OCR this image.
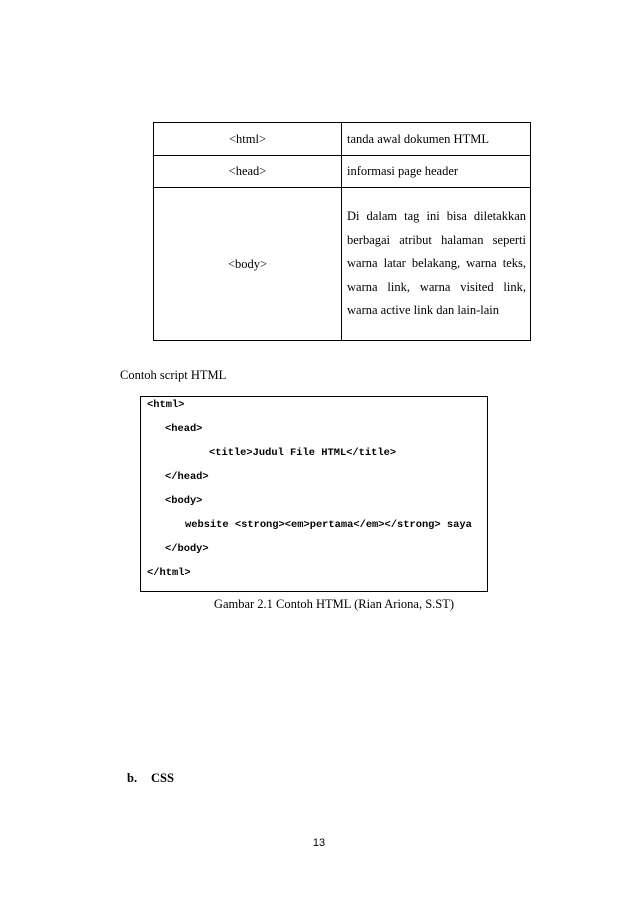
<html>	tanda awal dokumen HTML

<head>	informasi page header

<body>	Di dalam tag ini bisa diletakkan
berbagai atribut halaman seperti
warna latar belakang, warna teks,
warna link, warna visited link,
warna active link dan lain-lain
Contoh script HTML
<html>
<head>
<title>Judul File HTML</title>
</head>
<body>
website <strong><em>pertama</em></strong> saya
</body>
</html>
Gambar 2.1 Contoh HTML (Rian Ariona, S.ST)
b. CSS
13
